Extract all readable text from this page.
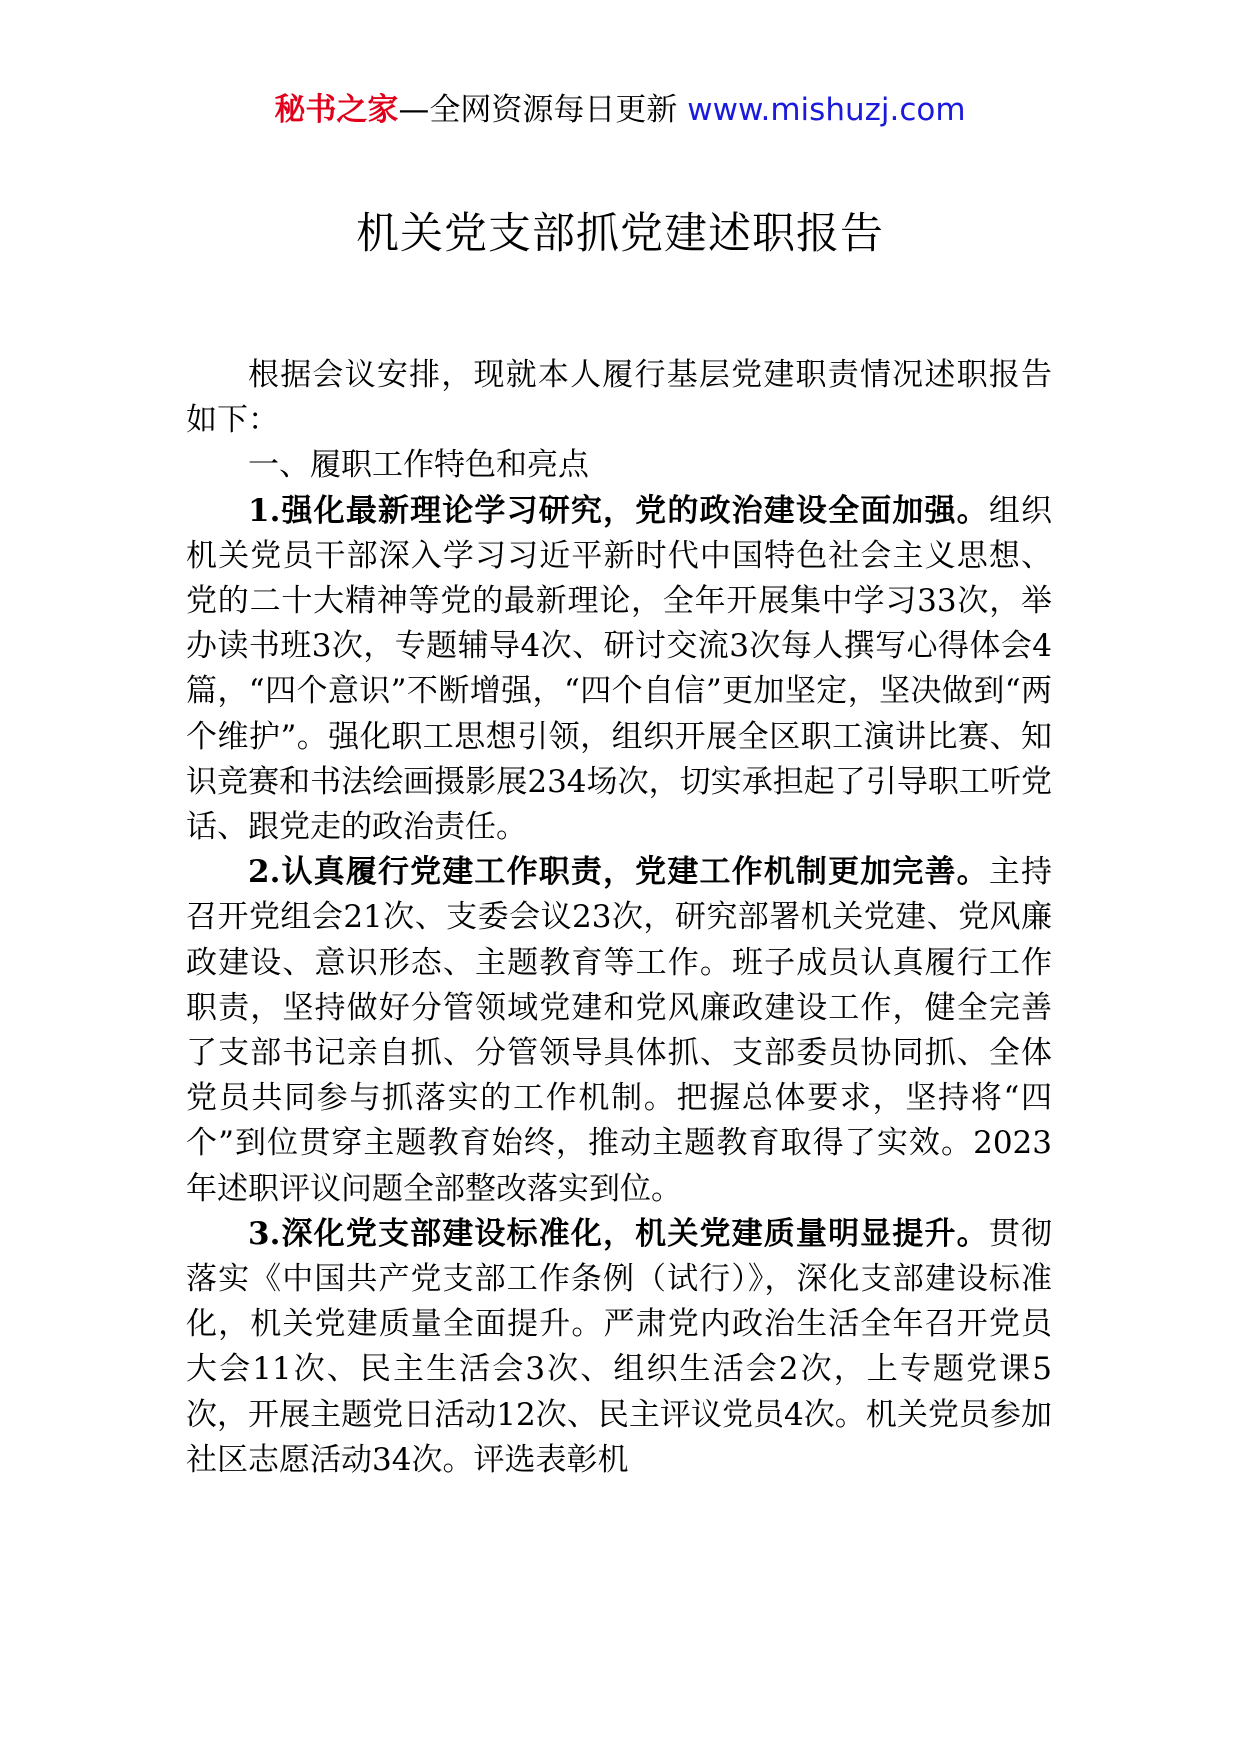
秘书之家—全网资源每日更新 www.mishuzj.com
机关党支部抓党建述职报告

根据会议安排，现就本人履行基层党建职责情况述职报告如下：

一、履职工作特色和亮点

1.强化最新理论学习研究，党的政治建设全面加强。组织机关党员干部深入学习习近平新时代中国特色社会主义思想、党的二十大精神等党的最新理论，全年开展集中学习33次，举办读书班3次，专题辅导4次、研讨交流3次每人撰写心得体会4篇，“四个意识”不断增强，“四个自信”更加坚定，坚决做到“两个维护”。强化职工思想引领，组织开展全区职工演讲比赛、知识竞赛和书法绘画摄影展234场次，切实承担起了引导职工听党话、跟党走的政治责任。

2.认真履行党建工作职责，党建工作机制更加完善。主持召开党组会21次、支委会议23次，研究部署机关党建、党风廉政建设、意识形态、主题教育等工作。班子成员认真履行工作职责，坚持做好分管领域党建和党风廉政建设工作，健全完善了支部书记亲自抓、分管领导具体抓、支部委员协同抓、全体党员共同参与抓落实的工作机制。把握总体要求，坚持将“四个”到位贯穿主题教育始终，推动主题教育取得了实效。2023年述职评议问题全部整改落实到位。

3.深化党支部建设标准化，机关党建质量明显提升。贯彻落实《中国共产党支部工作条例（试行）》，深化支部建设标准化，机关党建质量全面提升。严肃党内政治生活全年召开党员大会11次、民主生活会3次、组织生活会2次，上专题党课5次，开展主题党日活动12次、民主评议党员4次。机关党员参加社区志愿活动34次。评选表彰机
